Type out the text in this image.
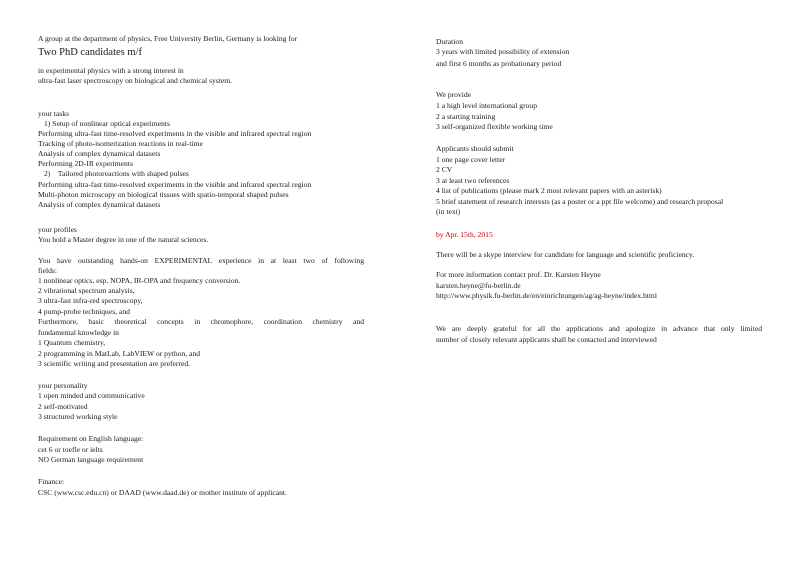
A group at the department of physics, Free University Berlin, Germany is looking for
Two PhD candidates m/f
in experimental physics with a strong interest in
ultra-fast laser spectroscopy on biological and chemical system.
your tasks
1) Setup of nonlinear optical experiments
Performing ultra-fast time-resolved experiments in the visible and infrared spectral region
Tracking of photo-isomerization reactions in real-time
Analysis of complex dynamical datasets
Performing 2D-IR experiments
2)    Tailored photoreactions with shaped pulses
Performing ultra-fast time-resolved experiments in the visible and infrared spectral region
Multi-photon microscopy on biological tissues with spatio-temporal shaped pulses
Analysis of complex dynamical datasets
your profiles
You hold a Master degree in one of the natural sciences.
You have outstanding hands-on EXPERIMENTAL experience in at least two of following
fields:
1 nonlinear optics, esp. NOPA, IR-OPA and frequency conversion.
2 vibrational spectrum analysis,
3 ultra-fast infra-red spectroscopy,
4 pump-probe techniques, and
Furthermore, basic theoretical concepts in chromophore, coordination chemistry and
fundamental knowledge in
1 Quantum chemistry,
2 programming in MatLab, LabVIEW or python, and
3 scientific writing and presentation are preferred.
your personality
1 open minded and communicative
2 self-motivated
3 structured working style
Requirement on English language:
cet 6 or toefle or ielts
NO German language requirement
Finance:
CSC (www.csc.edu.cn) or DAAD (www.daad.de) or mother institute of applicant.
Duration
3 years with limited possibility of extension
and first 6 months as probationary period
We provide
1 a high level international group
2 a starting training
3 self-organized flexible working time
Applicants should submit
1 one page cover letter
2 CV
3 at least two references
4 list of publications (please mark 2 most relevant papers with an asterisk)
5 brief statement of research interests (as a poster or a ppt file welcome) and research proposal
(in text)
by Apr. 15th, 2015
There will be a skype interview for candidate for language and scientific proficiency.
For more information contact prof. Dr. Karsten Heyne
karsten.heyne@fu-berlin.de
http://www.physik.fu-berlin.de/en/einrichtungen/ag/ag-heyne/index.html
We are deeply grateful for all the applications and apologize in advance that only limited
number of closely relevant applicants shall be contacted and interviewed
